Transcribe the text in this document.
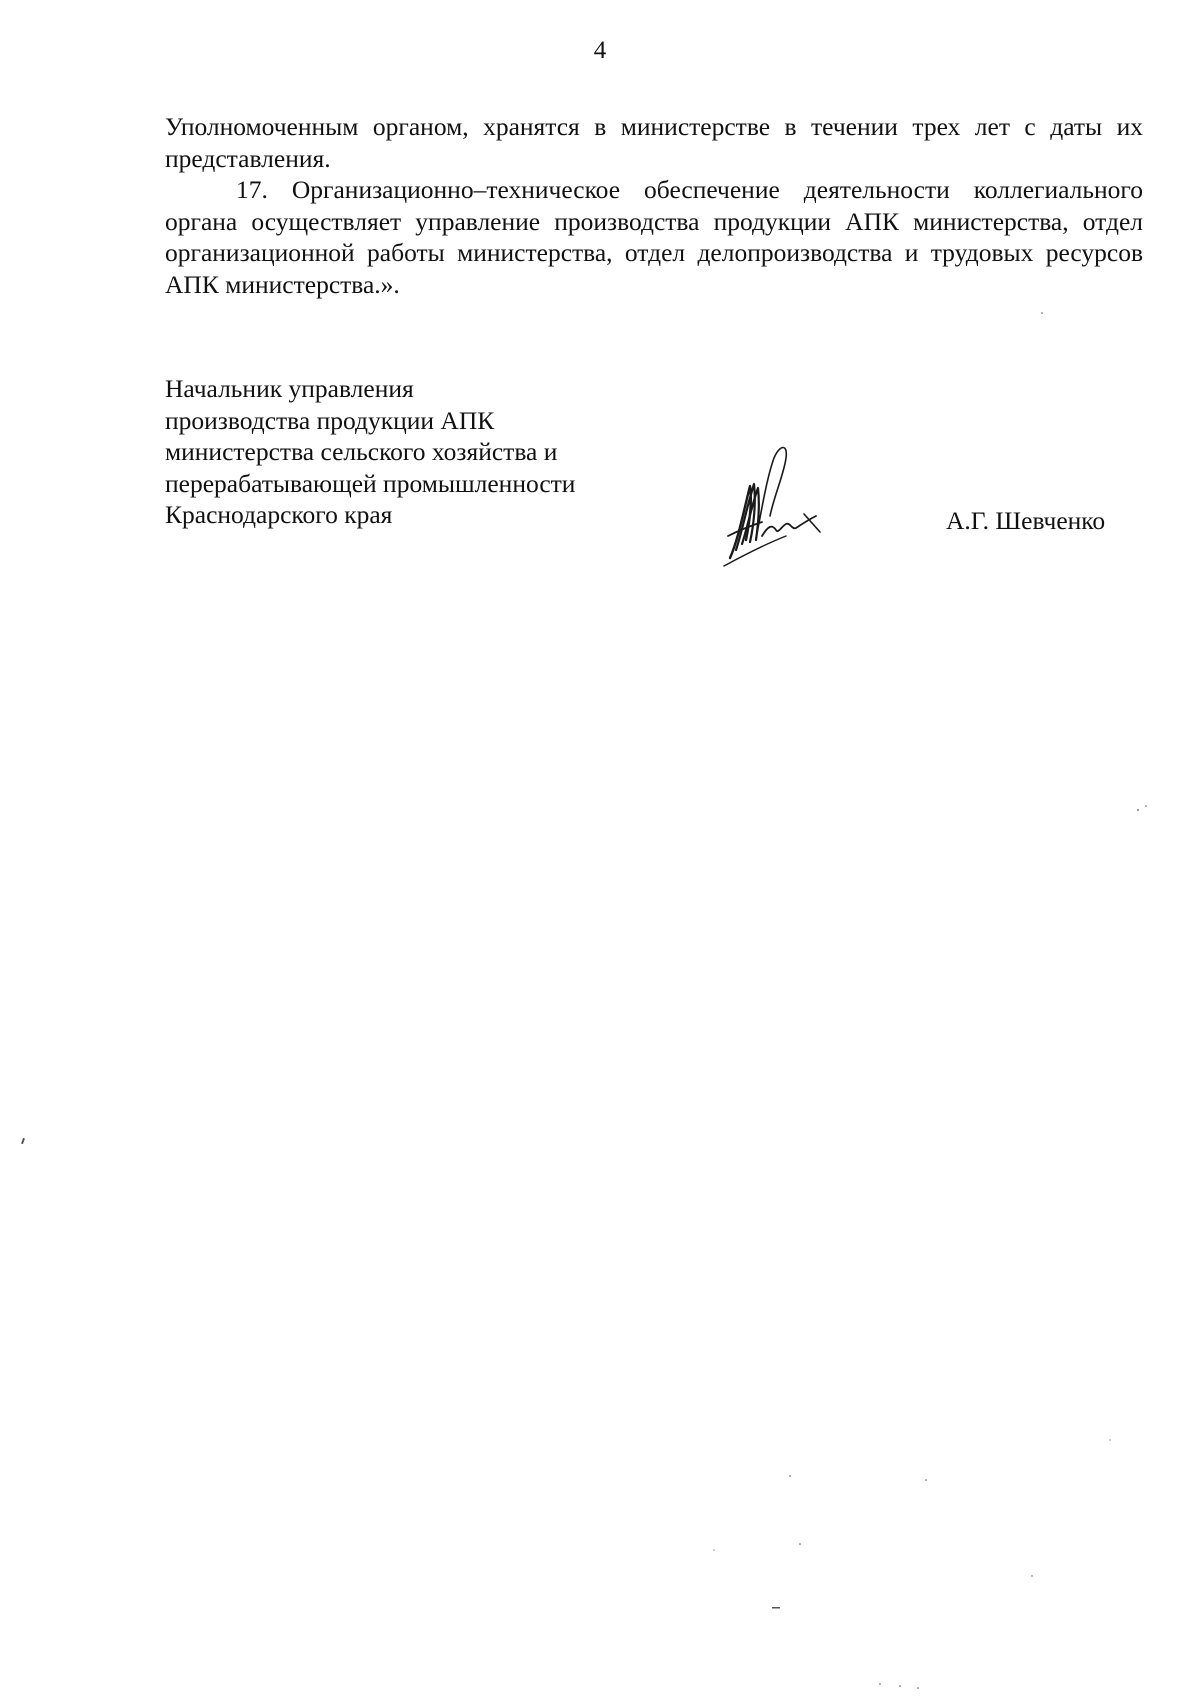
4

Уполномоченным органом, хранятся в министерстве в течении трех лет с даты их представления.

17. Организационно–техническое обеспечение деятельности коллегиального органа осуществляет управление производства продукции АПК министерства, отдел организационной работы министерства, отдел делопроизводства и трудовых ресурсов АПК министерства.».

Начальник управления
производства продукции АПК
министерства сельского хозяйства и
перерабатывающей промышленности
Краснодарского края	А.Г. Шевченко
